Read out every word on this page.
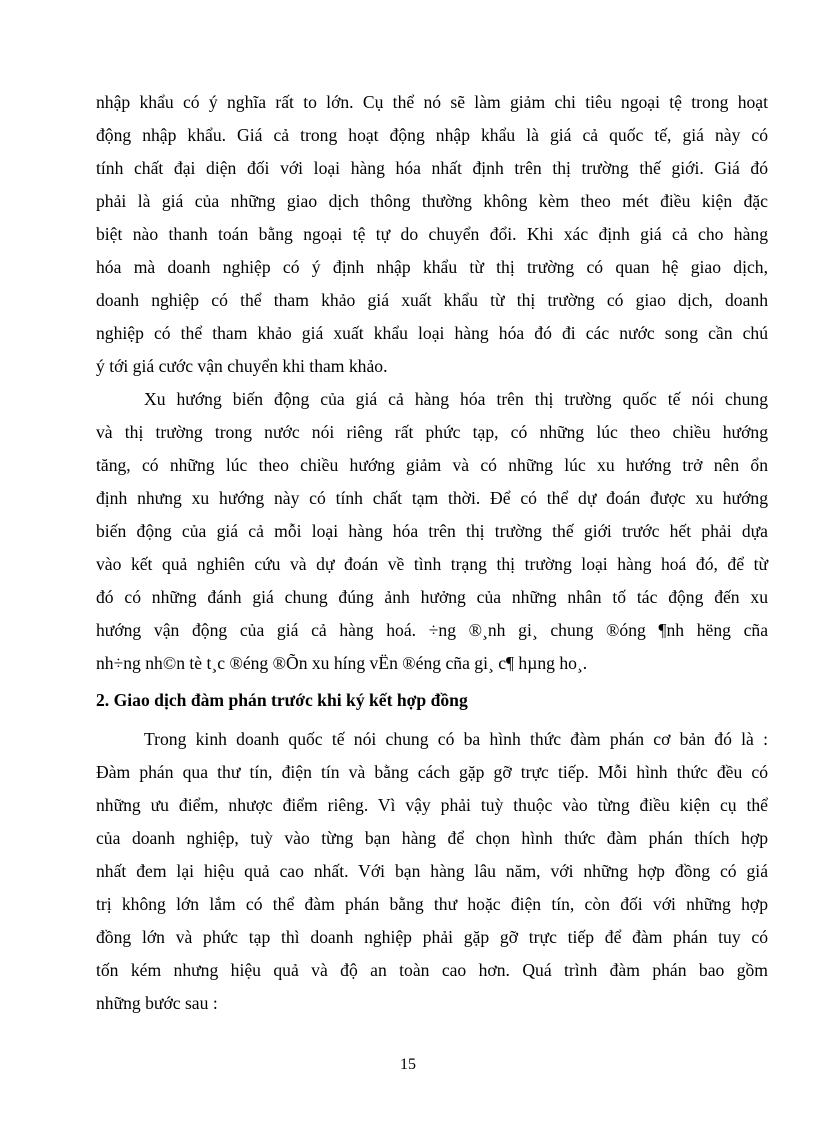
nhập khẩu có ý nghĩa rất to lớn. Cụ thể nó sẽ làm giảm chi tiêu ngoại tệ trong hoạt
động nhập khẩu. Giá cả trong hoạt động nhập khẩu là giá cả quốc tế, giá này có
tính chất đại diện đối với loại hàng hóa nhất định trên thị trường thế giới. Giá đó
phải là giá của những giao dịch thông thường không kèm theo mét điều kiện đặc
biệt nào thanh toán bằng ngoại tệ tự do chuyển đổi. Khi xác định giá cả cho hàng
hóa mà doanh nghiệp có ý định nhập khẩu từ thị trường có quan hệ giao dịch,
doanh nghiệp có thể tham khảo giá xuất khẩu từ thị trường có giao dịch, doanh
nghiệp có thể tham khảo giá xuất khẩu loại hàng hóa đó đi các nước song cần chú
ý tới giá cước vận chuyển khi tham khảo.
Xu hướng biến động của giá cả hàng hóa trên thị trường quốc tế nói chung
và thị trường trong nước nói riêng rất phức tạp, có những lúc theo chiều hướng
tăng, có những lúc theo chiều hướng giảm và có những lúc xu hướng trở nên ổn
định nhưng xu hướng này có tính chất tạm thời. Để có thể dự đoán được xu hướng
biến động của giá cả mỗi loại hàng hóa trên thị trường thế giới trước hết phải dựa
vào kết quả nghiên cứu và dự đoán về tình trạng thị trường loại hàng hoá đó, để từ
đó có những đánh giá chung đúng ảnh hưởng của những nhân tố tác động đến xu
hướng vận động của giá cả hàng hoá. ÷ng ®¸nh gi¸ chung ®óng ¶nh hëng cña
nh÷ng nh©n tè t¸c ®éng ®Õn xu híng vËn ®éng cña gi¸ c¶ hµng ho¸.
2. Giao dịch đàm phán trước khi ký kết hợp đồng
Trong kinh doanh quốc tế nói chung có ba hình thức đàm phán cơ bản đó là :
Đàm phán qua thư tín, điện tín và bằng cách gặp gỡ trực tiếp. Mỗi hình thức đều có
những ưu điểm, nhược điểm riêng. Vì vậy phải tuỳ thuộc vào từng điều kiện cụ thể
của doanh nghiệp, tuỳ vào từng bạn hàng để chọn hình thức đàm phán thích hợp
nhất đem lại hiệu quả cao nhất. Với bạn hàng lâu năm, với những hợp đồng có giá
trị không lớn lắm có thể đàm phán bằng thư hoặc điện tín, còn đối với những hợp
đồng lớn và phức tạp thì doanh nghiệp phải gặp gỡ trực tiếp để đàm phán tuy có
tốn kém nhưng hiệu quả và độ an toàn cao hơn. Quá trình đàm phán bao gồm
những bước sau :
15
